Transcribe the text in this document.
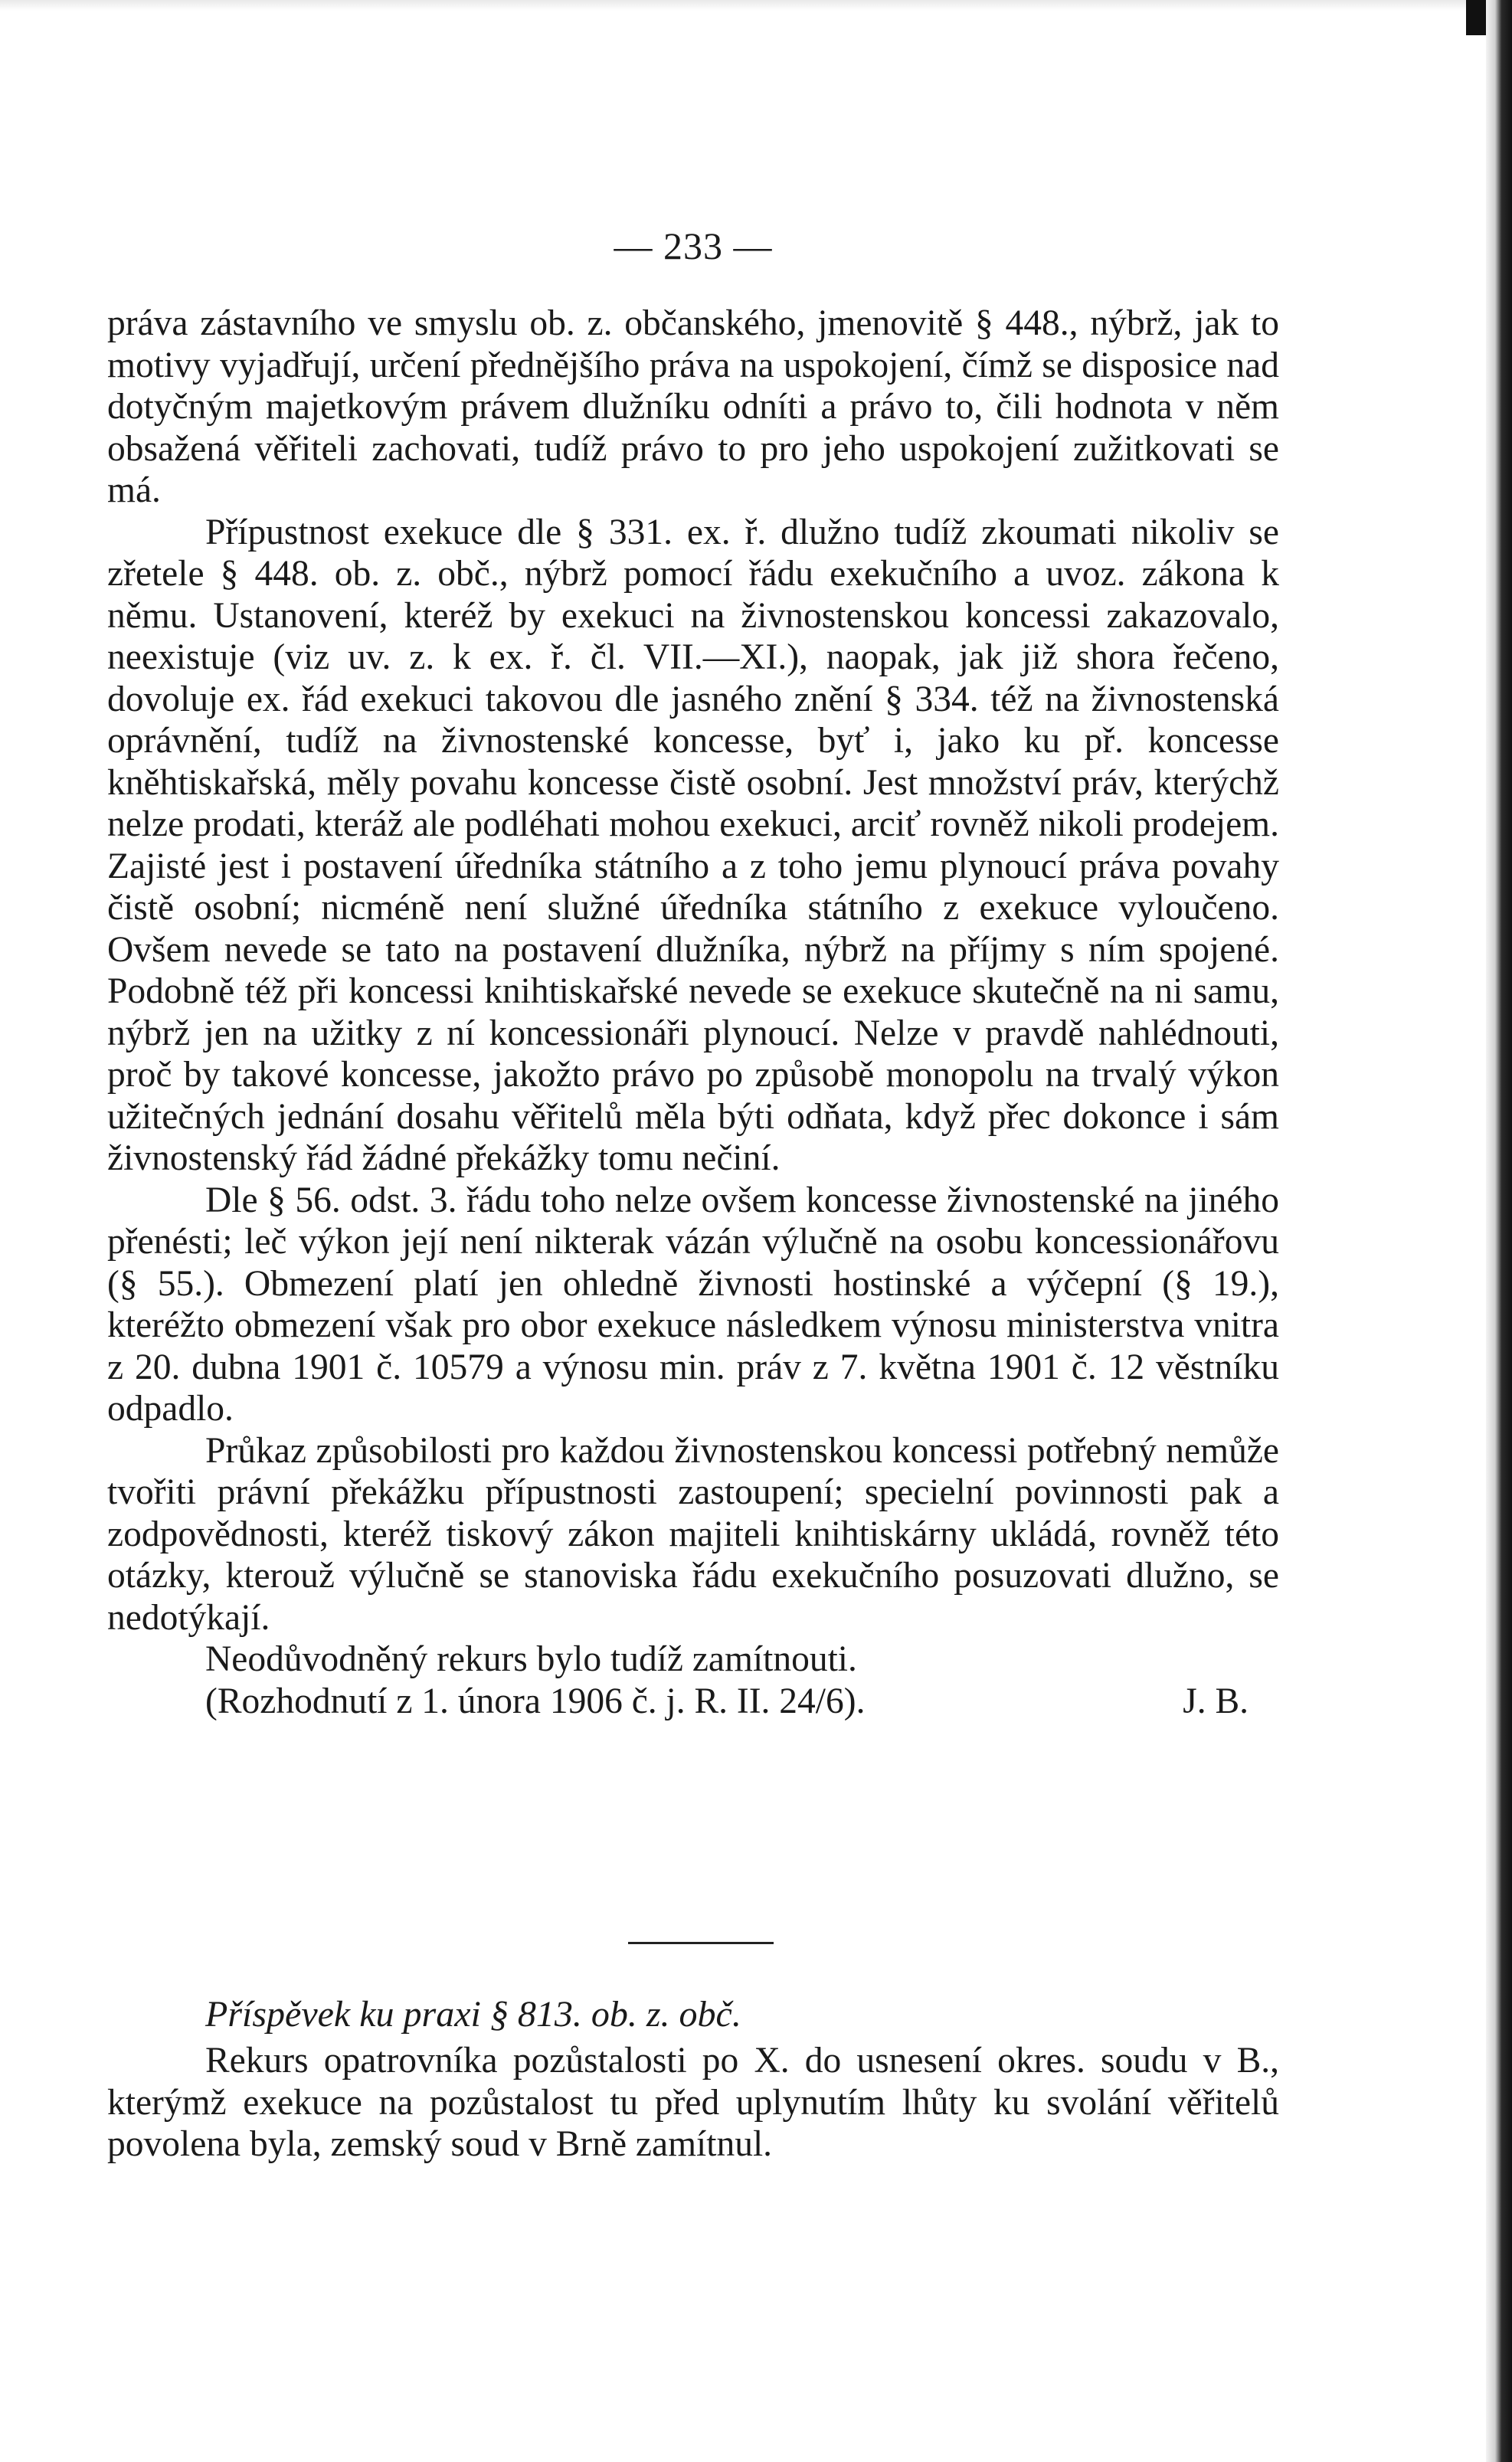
— 233 —

práva zástavního ve smyslu ob. z. občanského, jmenovitě § 448., nýbrž, jak to motivy vyjadřují, určení přednějšího práva na uspokojení, čímž se disposice nad dotyčným majetkovým právem dlužníku odníti a právo to, čili hodnota v něm obsažená věřiteli zachovati, tudíž právo to pro jeho uspokojení zužitkovati se má.

Přípustnost exekuce dle § 331. ex. ř. dlužno tudíž zkoumati nikoliv se zřetele § 448. ob. z. obč., nýbrž pomocí řádu exekučního a uvoz. zákona k němu. Ustanovení, kteréž by exekuci na živnostenskou koncessi zakazovalo, neexistuje (viz uv. z. k ex. ř. čl. VII.—XI.), naopak, jak již shora řečeno, dovoluje ex. řád exekuci takovou dle jasného znění § 334. též na živnostenská oprávnění, tudíž na živnostenské koncesse, byť i, jako ku př. koncesse kněhtiskařská, měly povahu koncesse čistě osobní. Jest množství práv, kterýchž nelze prodati, kteráž ale podléhati mohou exekuci, arciť rovněž nikoli prodejem. Zajisté jest i postavení úředníka státního a z toho jemu plynoucí práva povahy čistě osobní; nicméně není služné úředníka státního z exekuce vyloučeno. Ovšem nevede se tato na postavení dlužníka, nýbrž na příjmy s ním spojené. Podobně též při koncessi knihtiskařské nevede se exekuce skutečně na ni samu, nýbrž jen na užitky z ní koncessionáři plynoucí. Nelze v pravdě nahlédnouti, proč by takové koncesse, jakožto právo po způsobě monopolu na trvalý výkon užitečných jednání dosahu věřitelů měla býti odňata, když přec dokonce i sám živnostenský řád žádné překážky tomu nečiní.

Dle § 56. odst. 3. řádu toho nelze ovšem koncesse živnostenské na jiného přenésti; leč výkon její není nikterak vázán výlučně na osobu koncessionářovu (§ 55.). Obmezení platí jen ohledně živnosti hostinské a výčepní (§ 19.), kteréžto obmezení však pro obor exekuce následkem výnosu ministerstva vnitra z 20. dubna 1901 č. 10579 a výnosu min. práv z 7. května 1901 č. 12 věstníku odpadlo.

Průkaz způsobilosti pro každou živnostenskou koncessi potřebný nemůže tvořiti právní překážku přípustnosti zastoupení; specielní povinnosti pak a zodpovědnosti, kteréž tiskový zákon majiteli knihtiskárny ukládá, rovněž této otázky, kterouž výlučně se stanoviska řádu exekučního posuzovati dlužno, se nedotýkají.

Neodůvodněný rekurs bylo tudíž zamítnouti.

(Rozhodnutí z 1. února 1906 č. j. R. II. 24/6).	J. B.

Příspěvek ku praxi § 813. ob. z. obč.

Rekurs opatrovníka pozůstalosti po X. do usnesení okres. soudu v B., kterýmž exekuce na pozůstalost tu před uplynutím lhůty ku svolání věřitelů povolena byla, zemský soud v Brně zamítnul.
